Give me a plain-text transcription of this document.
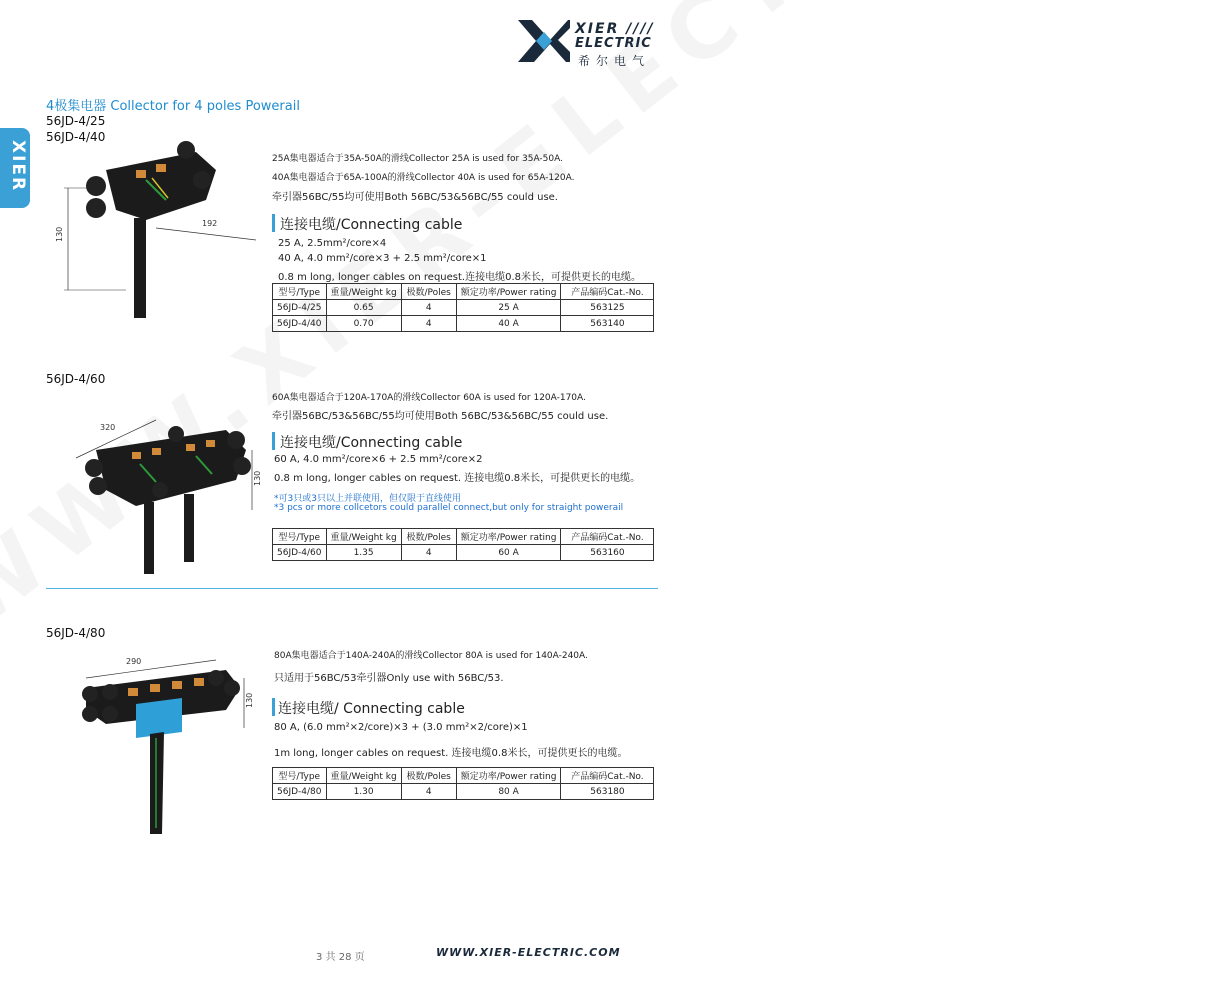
XIER ////
ELECTRIC
希尔电气
XIER
4极集电器 Collector for 4 poles Powerail
56JD-4/25
56JD-4/40
130
192
25A集电器适合于35A-50A的滑线Collector 25A is used for 35A-50A.
40A集电器适合于65A-100A的滑线Collector 40A is used for 65A-120A.
牵引器56BC/55均可使用Both 56BC/53&56BC/55 could use.
连接电缆/Connecting cable
25 A, 2.5mm²/core×4
40 A, 4.0 mm²/core×3 + 2.5 mm²/core×1
0.8 m long, longer cables on request.连接电缆0.8米长，可提供更长的电缆。
型号/Type	重量/Weight kg	极数/Poles	额定功率/Power rating	产品编码Cat.-No.
56JD-4/25	0.65	4	25 A	563125
56JD-4/40	0.70	4	40 A	563140
56JD-4/60
320
130
60A集电器适合于120A-170A的滑线Collector 60A is used for 120A-170A.
牵引器56BC/53&56BC/55均可使用Both 56BC/53&56BC/55 could use.
连接电缆/Connecting cable
60 A, 4.0 mm²/core×6 + 2.5 mm²/core×2
0.8 m long, longer cables on request. 连接电缆0.8米长，可提供更长的电缆。
*可3只或3只以上并联使用，但仅限于直线使用
*3 pcs or more collcetors could parallel connect,but only for straight powerail
型号/Type	重量/Weight kg	极数/Poles	额定功率/Power rating	产品编码Cat.-No.
56JD-4/60	1.35	4	60 A	563160
56JD-4/80
290
130
80A集电器适合于140A-240A的滑线Collector 80A is used for 140A-240A.
只适用于56BC/53牵引器Only use with 56BC/53.
连接电缆/ Connecting cable
80 A, (6.0 mm²×2/core)×3 + (3.0 mm²×2/core)×1
1m long, longer cables on request. 连接电缆0.8米长，可提供更长的电缆。
型号/Type	重量/Weight kg	极数/Poles	额定功率/Power rating	产品编码Cat.-No.
56JD-4/80	1.30	4	80 A	563180
3 共 28 页	WWW.XIER-ELECTRIC.COM
